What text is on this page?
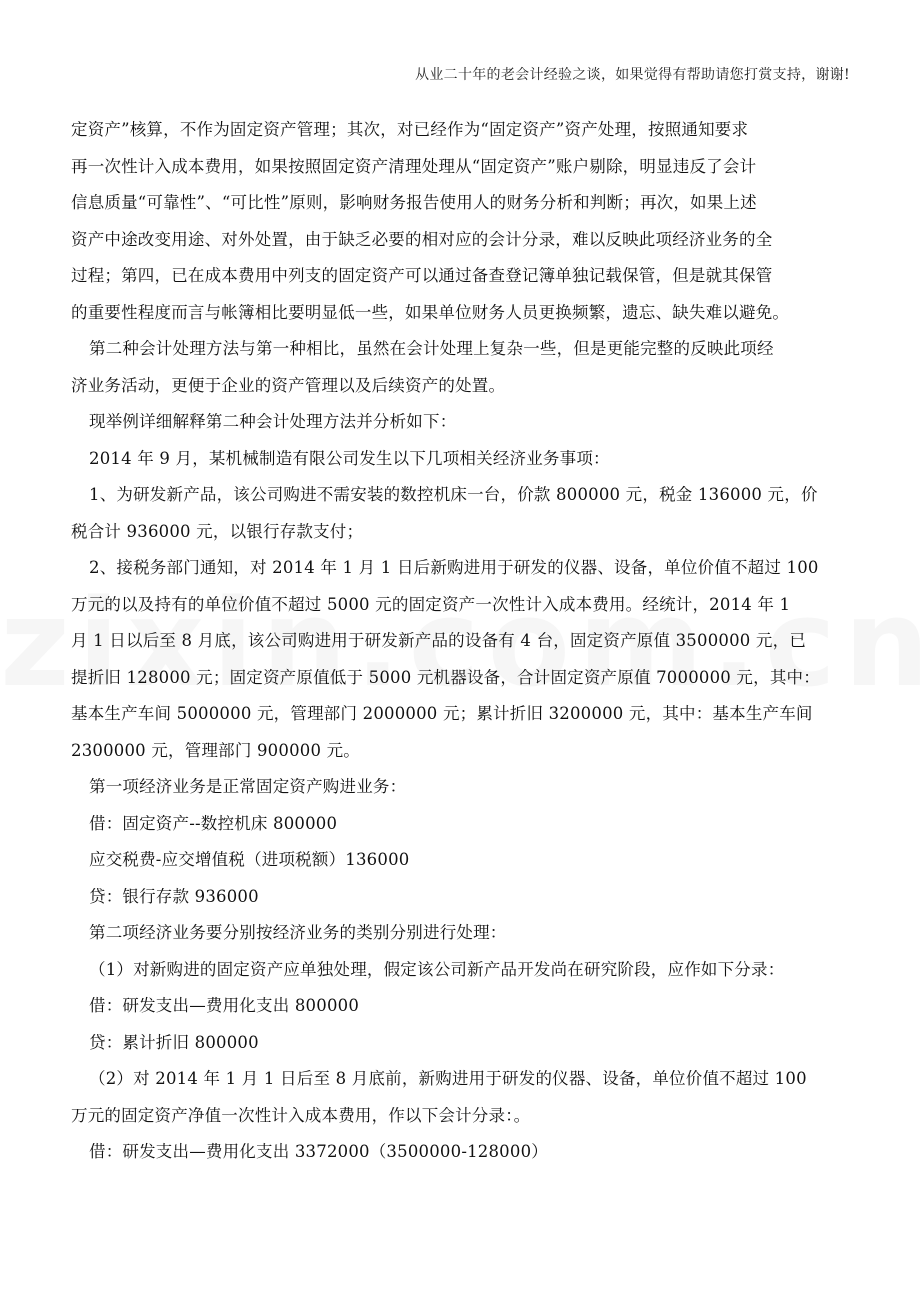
从业二十年的老会计经验之谈，如果觉得有帮助请您打赏支持，谢谢!
定资产”核算，不作为固定资产管理；其次，对已经作为“固定资产”资产处理，按照通知要求
再一次性计入成本费用，如果按照固定资产清理处理从“固定资产”账户剔除，明显违反了会计
信息质量“可靠性”、“可比性”原则，影响财务报告使用人的财务分析和判断；再次，如果上述
资产中途改变用途、对外处置，由于缺乏必要的相对应的会计分录，难以反映此项经济业务的全
过程；第四，已在成本费用中列支的固定资产可以通过备查登记簿单独记载保管，但是就其保管
的重要性程度而言与帐簿相比要明显低一些，如果单位财务人员更换频繁，遗忘、缺失难以避免。
第二种会计处理方法与第一种相比，虽然在会计处理上复杂一些，但是更能完整的反映此项经
济业务活动，更便于企业的资产管理以及后续资产的处置。
现举例详细解释第二种会计处理方法并分析如下：
2014 年 9 月，某机械制造有限公司发生以下几项相关经济业务事项：
1、为研发新产品，该公司购进不需安装的数控机床一台，价款 800000 元，税金 136000 元，价
税合计 936000 元，以银行存款支付；
2、接税务部门通知，对 2014 年 1 月 1 日后新购进用于研发的仪器、设备，单位价值不超过 100
万元的以及持有的单位价值不超过 5000 元的固定资产一次性计入成本费用。经统计，2014 年 1
月 1 日以后至 8 月底，该公司购进用于研发新产品的设备有 4 台，固定资产原值 3500000 元，已
提折旧 128000 元；固定资产原值低于 5000 元机器设备，合计固定资产原值 7000000 元，其中：
基本生产车间 5000000 元，管理部门 2000000 元；累计折旧 3200000 元，其中：基本生产车间
2300000 元，管理部门 900000 元。
第一项经济业务是正常固定资产购进业务：
借：固定资产--数控机床 800000
应交税费-应交增值税（进项税额）136000
贷：银行存款 936000
第二项经济业务要分别按经济业务的类别分别进行处理：
（1）对新购进的固定资产应单独处理，假定该公司新产品开发尚在研究阶段，应作如下分录：
借：研发支出—费用化支出 800000
贷：累计折旧 800000
（2）对 2014 年 1 月 1 日后至 8 月底前，新购进用于研发的仪器、设备，单位价值不超过 100
万元的固定资产净值一次性计入成本费用，作以下会计分录：。
借：研发支出—费用化支出 3372000（3500000-128000）
